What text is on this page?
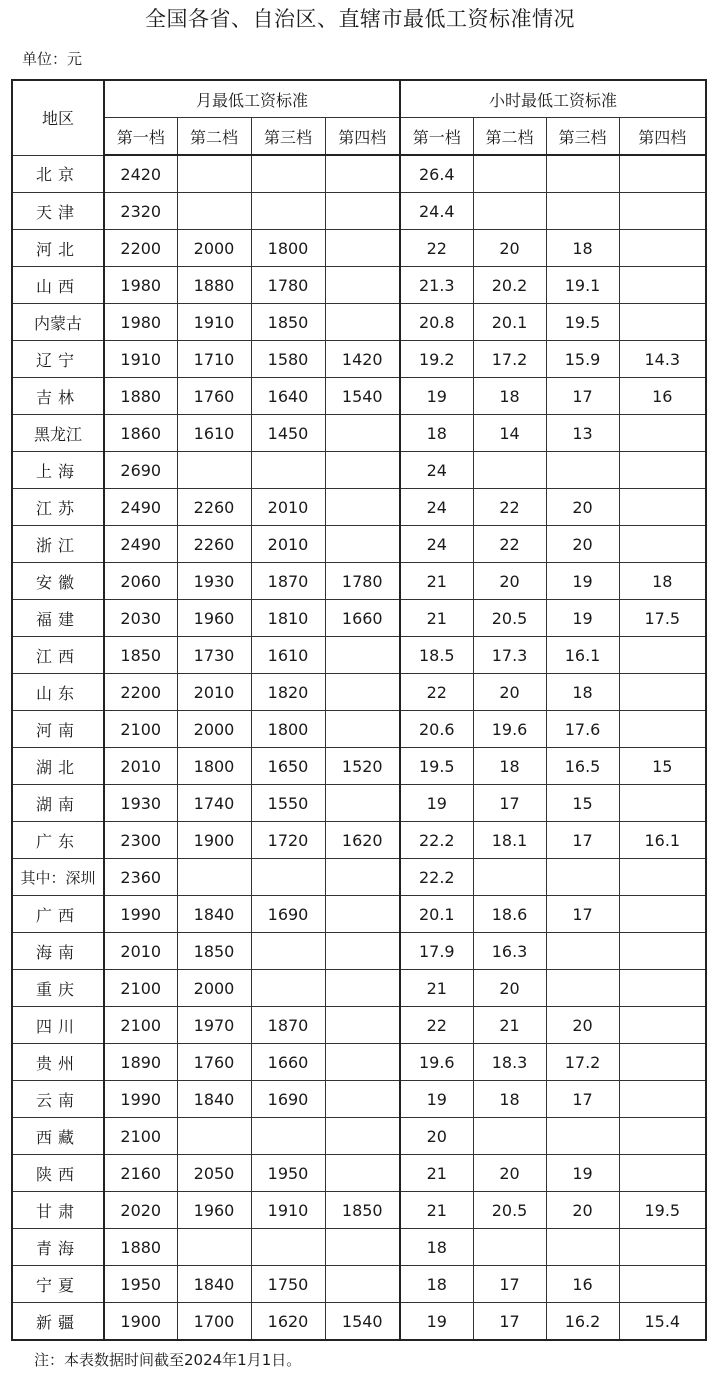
全国各省、自治区、直辖市最低工资标准情况
单位：元
地区	月最低工资标准				小时最低工资标准			
	第一档	第二档	第三档	第四档	第一档	第二档	第三档	第四档
北京	2420				26.4			
天津	2320				24.4			
河北	2200	2000	1800		22	20	18	
山西	1980	1880	1780		21.3	20.2	19.1	
内蒙古	1980	1910	1850		20.8	20.1	19.5	
辽宁	1910	1710	1580	1420	19.2	17.2	15.9	14.3
吉林	1880	1760	1640	1540	19	18	17	16
黑龙江	1860	1610	1450		18	14	13	
上海	2690				24			
江苏	2490	2260	2010		24	22	20	
浙江	2490	2260	2010		24	22	20	
安徽	2060	1930	1870	1780	21	20	19	18
福建	2030	1960	1810	1660	21	20.5	19	17.5
江西	1850	1730	1610		18.5	17.3	16.1	
山东	2200	2010	1820		22	20	18	
河南	2100	2000	1800		20.6	19.6	17.6	
湖北	2010	1800	1650	1520	19.5	18	16.5	15
湖南	1930	1740	1550		19	17	15	
广东	2300	1900	1720	1620	22.2	18.1	17	16.1
其中：深圳	2360				22.2			
广西	1990	1840	1690		20.1	18.6	17	
海南	2010	1850			17.9	16.3		
重庆	2100	2000			21	20		
四川	2100	1970	1870		22	21	20	
贵州	1890	1760	1660		19.6	18.3	17.2	
云南	1990	1840	1690		19	18	17	
西藏	2100				20			
陕西	2160	2050	1950		21	20	19	
甘肃	2020	1960	1910	1850	21	20.5	20	19.5
青海	1880				18			
宁夏	1950	1840	1750		18	17	16	
新疆	1900	1700	1620	1540	19	17	16.2	15.4
注：本表数据时间截至2024年1月1日。
